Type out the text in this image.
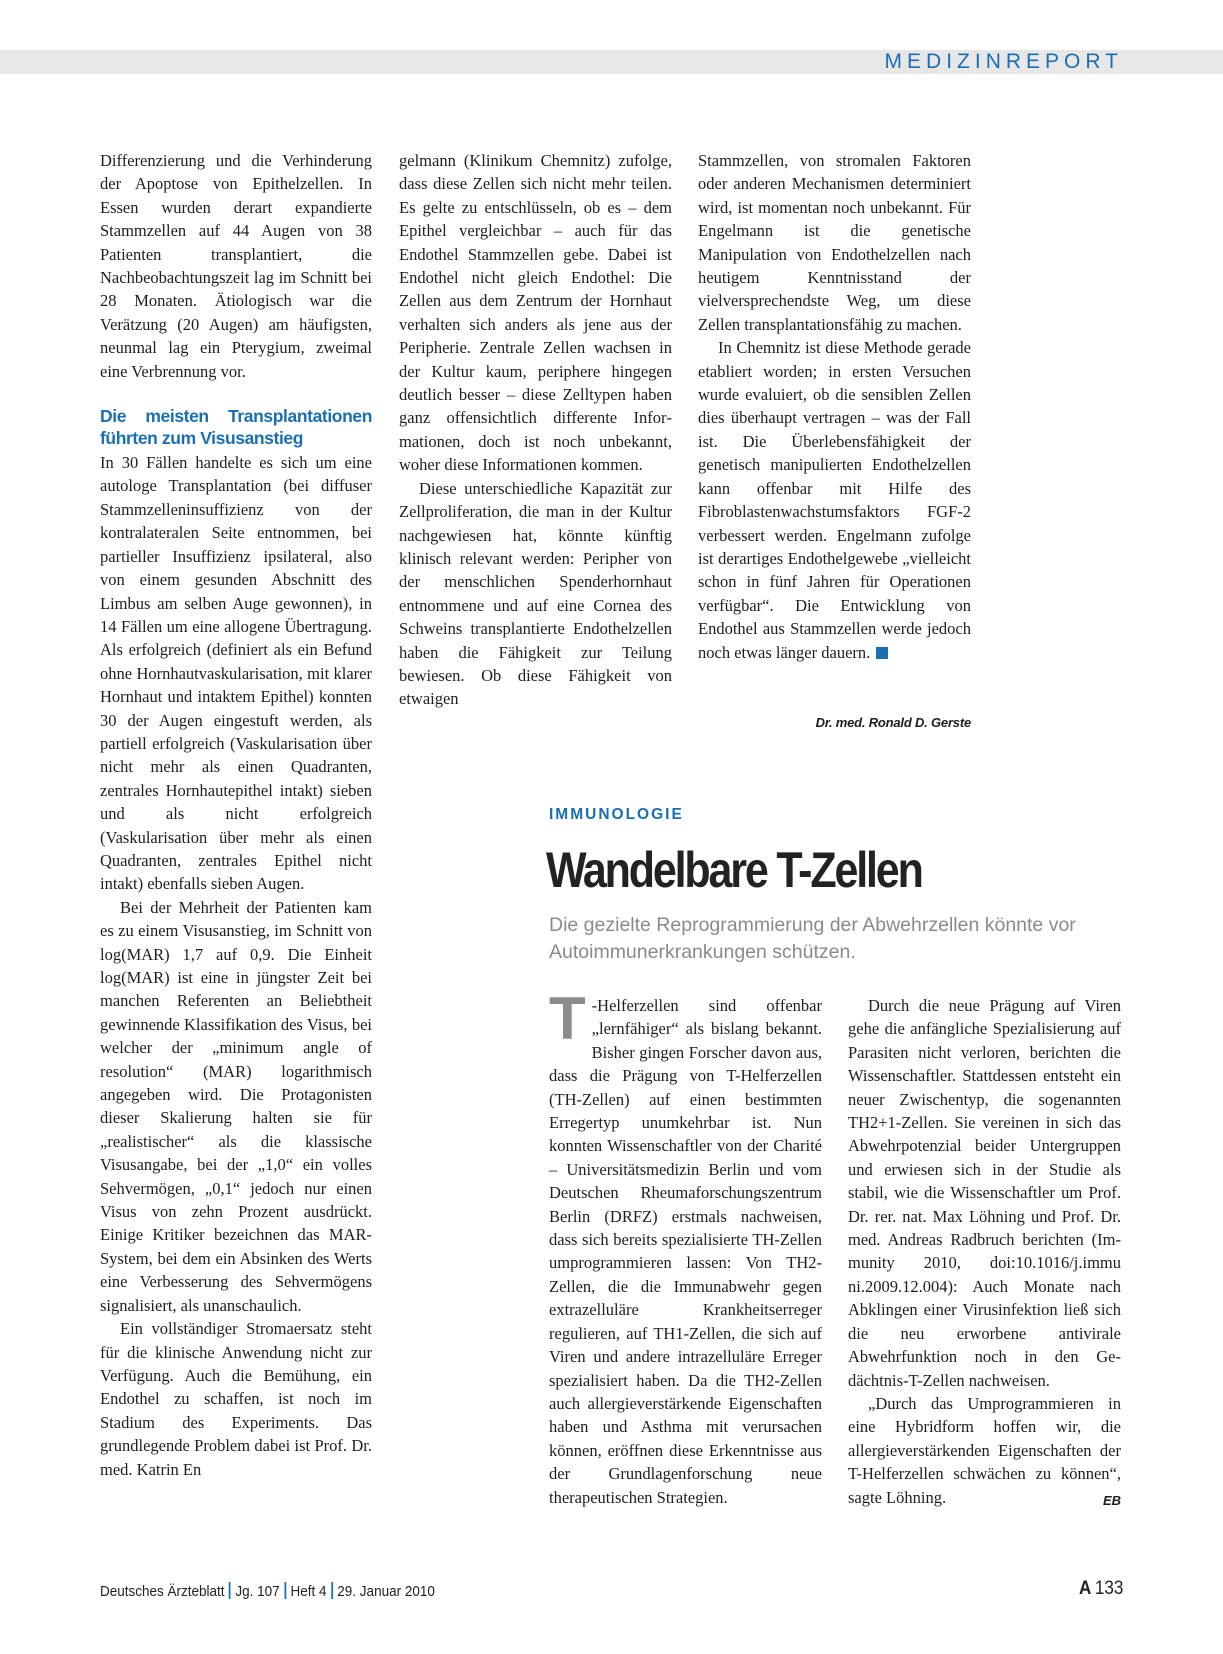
MEDIZINREPORT

Differenzierung und die Verhinderung der Apoptose von Epithelzellen. In Essen wurden derart expandierte Stammzellen auf 44 Augen von 38 Patienten transplantiert, die Nachbeobachtungszeit lag im Schnitt bei 28 Monaten. Ätiologisch war die Verätzung (20 Augen) am häufigsten, neunmal lag ein Pterygium, zweimal eine Verbrennung vor.

Die meisten Transplantationen führten zum Visusanstieg

In 30 Fällen handelte es sich um eine autologe Transplantation (bei diffuser Stammzelleninsuffizienz von der kontralateralen Seite entnommen, bei partieller Insuffizienz ipsilateral, also von einem gesunden Abschnitt des Limbus am selben Auge gewonnen), in 14 Fällen um eine allogene Übertragung. Als erfolgreich (definiert als ein Befund ohne Hornhautvaskularisation, mit klarer Hornhaut und intaktem Epithel) konnten 30 der Augen eingestuft werden, als partiell erfolgreich (Vaskularisation über nicht mehr als einen Quadranten, zentrales Hornhautepithel intakt) sieben und als nicht erfolgreich (Vaskularisation über mehr als einen Quadranten, zentrales Epithel nicht intakt) ebenfalls sieben Augen.

Bei der Mehrheit der Patienten kam es zu einem Visusanstieg, im Schnitt von log(MAR) 1,7 auf 0,9. Die Einheit log(MAR) ist eine in jüngster Zeit bei manchen Referenten an Beliebtheit gewinnende Klassifikation des Visus, bei welcher der „minimum angle of resolution“ (MAR) logarithmisch angegeben wird. Die Protagonisten dieser Skalierung halten sie für „realistischer“ als die klassische Visusangabe, bei der „1,0“ ein volles Sehvermögen, „0,1“ jedoch nur einen Visus von zehn Prozent ausdrückt. Einige Kritiker bezeichnen das MAR-System, bei dem ein Absinken des Werts eine Verbesserung des Sehvermögens signalisiert, als unanschaulich.

Ein vollständiger Stromaersatz steht für die klinische Anwendung nicht zur Verfügung. Auch die Bemühung, ein Endothel zu schaffen, ist noch im Stadium des Experiments. Das grundlegende Problem dabei ist Prof. Dr. med. Katrin En

gelmann (Klinikum Chemnitz) zufolge, dass diese Zellen sich nicht mehr teilen. Es gelte zu entschlüsseln, ob es – dem Epithel vergleichbar – auch für das Endothel Stammzellen gebe. Dabei ist Endothel nicht gleich Endothel: Die Zellen aus dem Zentrum der Hornhaut verhalten sich anders als jene aus der Peripherie. Zentrale Zellen wachsen in der Kultur kaum, periphere hingegen deutlich besser – diese Zelltypen haben ganz offensichtlich differente Informationen, doch ist noch unbekannt, woher diese Informationen kommen.

Diese unterschiedliche Kapazität zur Zellproliferation, die man in der Kultur nachgewiesen hat, könnte künftig klinisch relevant werden: Peripher von der menschlichen Spenderhornhaut entnommene und auf eine Cornea des Schweins transplantierte Endothelzellen haben die Fähigkeit zur Teilung bewiesen. Ob diese Fähigkeit von etwaigen

Stammzellen, von stromalen Faktoren oder anderen Mechanismen determiniert wird, ist momentan noch unbekannt. Für Engelmann ist die genetische Manipulation von Endothelzellen nach heutigem Kenntnisstand der vielversprechendste Weg, um diese Zellen transplantationsfähig zu machen.

In Chemnitz ist diese Methode gerade etabliert worden; in ersten Versuchen wurde evaluiert, ob die sensiblen Zellen dies überhaupt vertragen – was der Fall ist. Die Überlebensfähigkeit der genetisch manipulierten Endothelzellen kann offenbar mit Hilfe des Fibroblastenwachstumsfaktors FGF-2 verbessert werden. Engelmann zufolge ist derartiges Endothelgewebe „vielleicht schon in fünf Jahren für Operationen verfügbar“. Die Entwicklung von Endothel aus Stammzellen werde jedoch noch etwas länger dauern.

Dr. med. Ronald D. Gerste
IMMUNOLOGIE
Wandelbare T-Zellen
Die gezielte Reprogrammierung der Abwehrzellen könnte vor Autoimmunerkrankungen schützen.

T -Helferzellen sind offenbar „lernfähiger“ als bislang bekannt. Bisher gingen Forscher davon aus, dass die Prägung von T-Helferzellen (TH-Zellen) auf einen bestimmten Erregertyp unumkehrbar ist. Nun konnten Wissenschaftler von der Charité – Universitätsmedizin Berlin und vom Deutschen Rheumaforschungszentrum Berlin (DRFZ) erstmals nachweisen, dass sich bereits spezialisierte TH-Zellen umprogrammieren lassen: Von TH2-Zellen, die die Immunabwehr gegen extrazelluläre Krankheitserreger regulieren, auf TH1-Zellen, die sich auf Viren und andere intrazelluläre Erreger spezialisiert haben. Da die TH2-Zellen auch allergieverstärkende Eigenschaften haben und Asthma mit verursachen können, eröffnen diese Erkenntnisse aus der Grundlagenforschung neue therapeutischen Strategien.

Durch die neue Prägung auf Viren gehe die anfängliche Spezialisierung auf Parasiten nicht verloren, berichten die Wissenschaftler. Stattdessen entsteht ein neuer Zwischentyp, die sogenannten TH2+1-Zellen. Sie vereinen in sich das Abwehrpotenzial beider Untergruppen und erwiesen sich in der Studie als stabil, wie die Wissenschaftler um Prof. Dr. rer. nat. Max Löhning und Prof. Dr. med. Andreas Radbruch berichten (Immunity 2010, doi:10.1016/j.immu ni.2009.12.004): Auch Monate nach Abklingen einer Virusinfektion ließ sich die neu erworbene antivirale Abwehrfunktion noch in den Gedächtnis-T-Zellen nachweisen.

„Durch das Umprogrammieren in eine Hybridform hoffen wir, die allergieverstärkenden Eigenschaften der T-Helferzellen schwächen zu können“, sagte Löhning.	EB

Deutsches Ärzteblatt Jg. 107 Heft 4 29. Januar 2010	A 133
